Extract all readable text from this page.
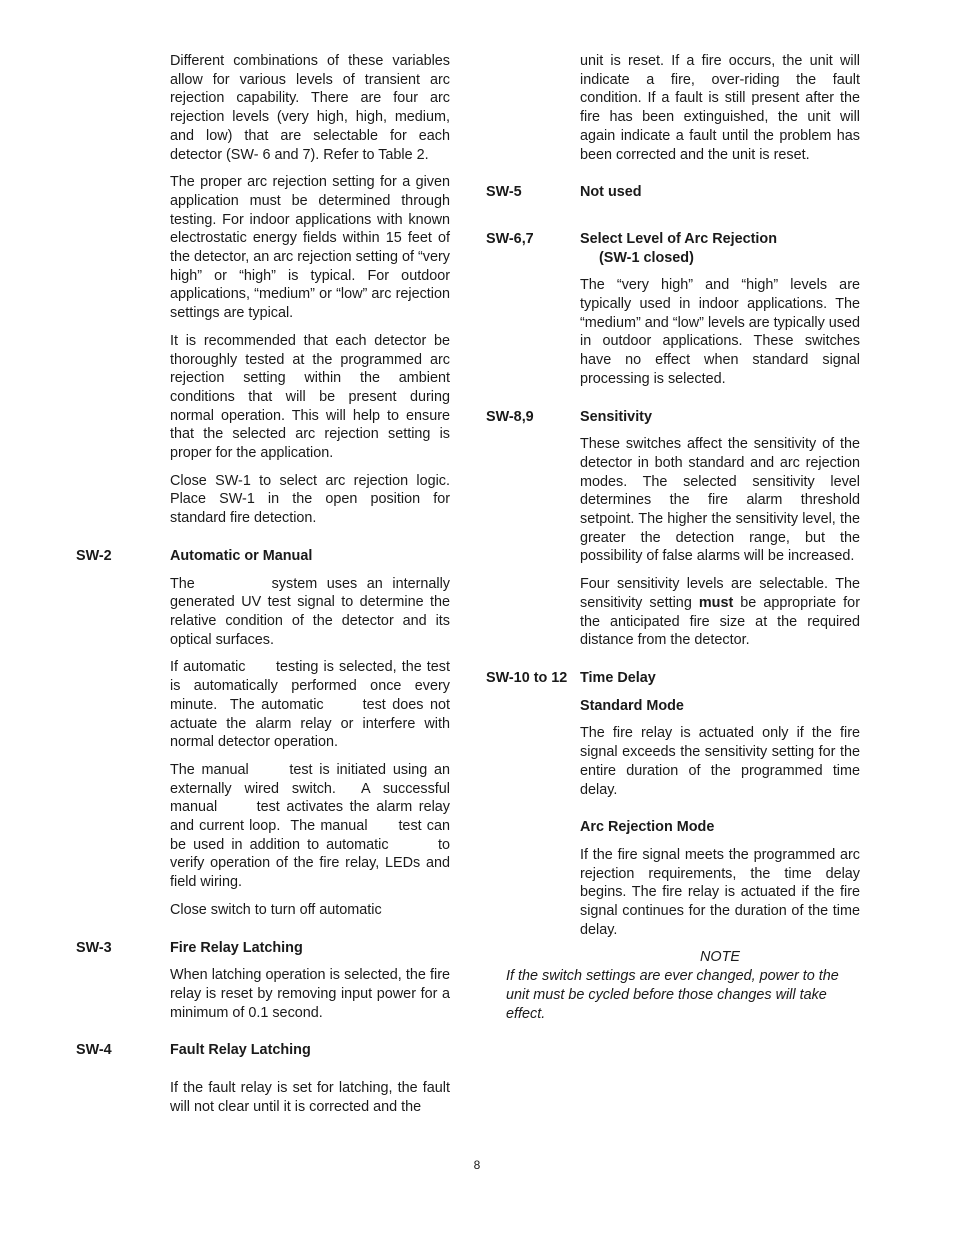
Different combinations of these variables allow for various levels of transient arc rejection capability. There are four arc rejection levels (very high, high, medium, and low) that are selectable for each detector (SW- 6 and 7). Refer to Table 2.

The proper arc rejection setting for a given application must be determined through testing. For indoor applications with known electrostatic energy fields within 15 feet of the detector, an arc rejection setting of “very high” or “high” is typical. For outdoor applications, “medium” or “low” arc rejection settings are typical.

It is recommended that each detector be thoroughly tested at the programmed arc rejection setting within the ambient conditions that will be present during normal operation. This will help to ensure that the selected arc rejection setting is proper for the application.

Close SW-1 to select arc rejection logic. Place SW-1 in the open position for standard fire detection.

SW-2	Automatic or Manual

The        system uses an internally generated UV test signal to determine the relative condition of the detector and its optical surfaces.

If automatic      testing is selected, the test is automatically performed once every minute.  The automatic      test does not actuate the alarm relay or interfere with normal detector operation.

The manual      test is initiated using an externally wired switch.  A successful manual      test activates the alarm relay and current loop.  The manual      test can be used in addition to automatic       to verify operation of the fire relay, LEDs and field wiring.

Close switch to turn off automatic

SW-3	Fire Relay Latching

When latching operation is selected, the fire relay is reset by removing input power for a minimum of 0.1 second.

SW-4	Fault Relay Latching

If the fault relay is set for latching, the fault will not clear until it is corrected and the

unit is reset. If a fire occurs, the unit will indicate a fire, over-riding the fault condition. If a fault is still present after the fire has been extinguished, the unit will again indicate a fault until the problem has been corrected and the unit is reset.

SW-5	Not used
SW-6,7	Select Level of Arc Rejection
(SW-1 closed)

The “very high” and “high” levels are typically used in indoor applications. The “medium” and “low” levels are typically used in outdoor applications. These switches have no effect when standard signal processing is selected.

SW-8,9	Sensitivity

These switches affect the sensitivity of the detector in both standard and arc rejection modes. The selected sensitivity level determines the fire alarm threshold setpoint. The higher the sensitivity level, the greater the detection range, but the possibility of false alarms will be increased.

Four sensitivity levels are selectable. The sensitivity setting must be appropriate for the anticipated fire size at the required distance from the detector.

SW-10 to 12 Time Delay
Standard Mode

The fire relay is actuated only if the fire signal exceeds the sensitivity setting for the entire duration of the programmed time delay.

Arc Rejection Mode

If the fire signal meets the programmed arc rejection requirements, the time delay begins. The fire relay is actuated if the fire signal continues for the duration of the time delay.

NOTE

If the switch settings are ever changed, power to the unit must be cycled before those changes will take effect.

8
